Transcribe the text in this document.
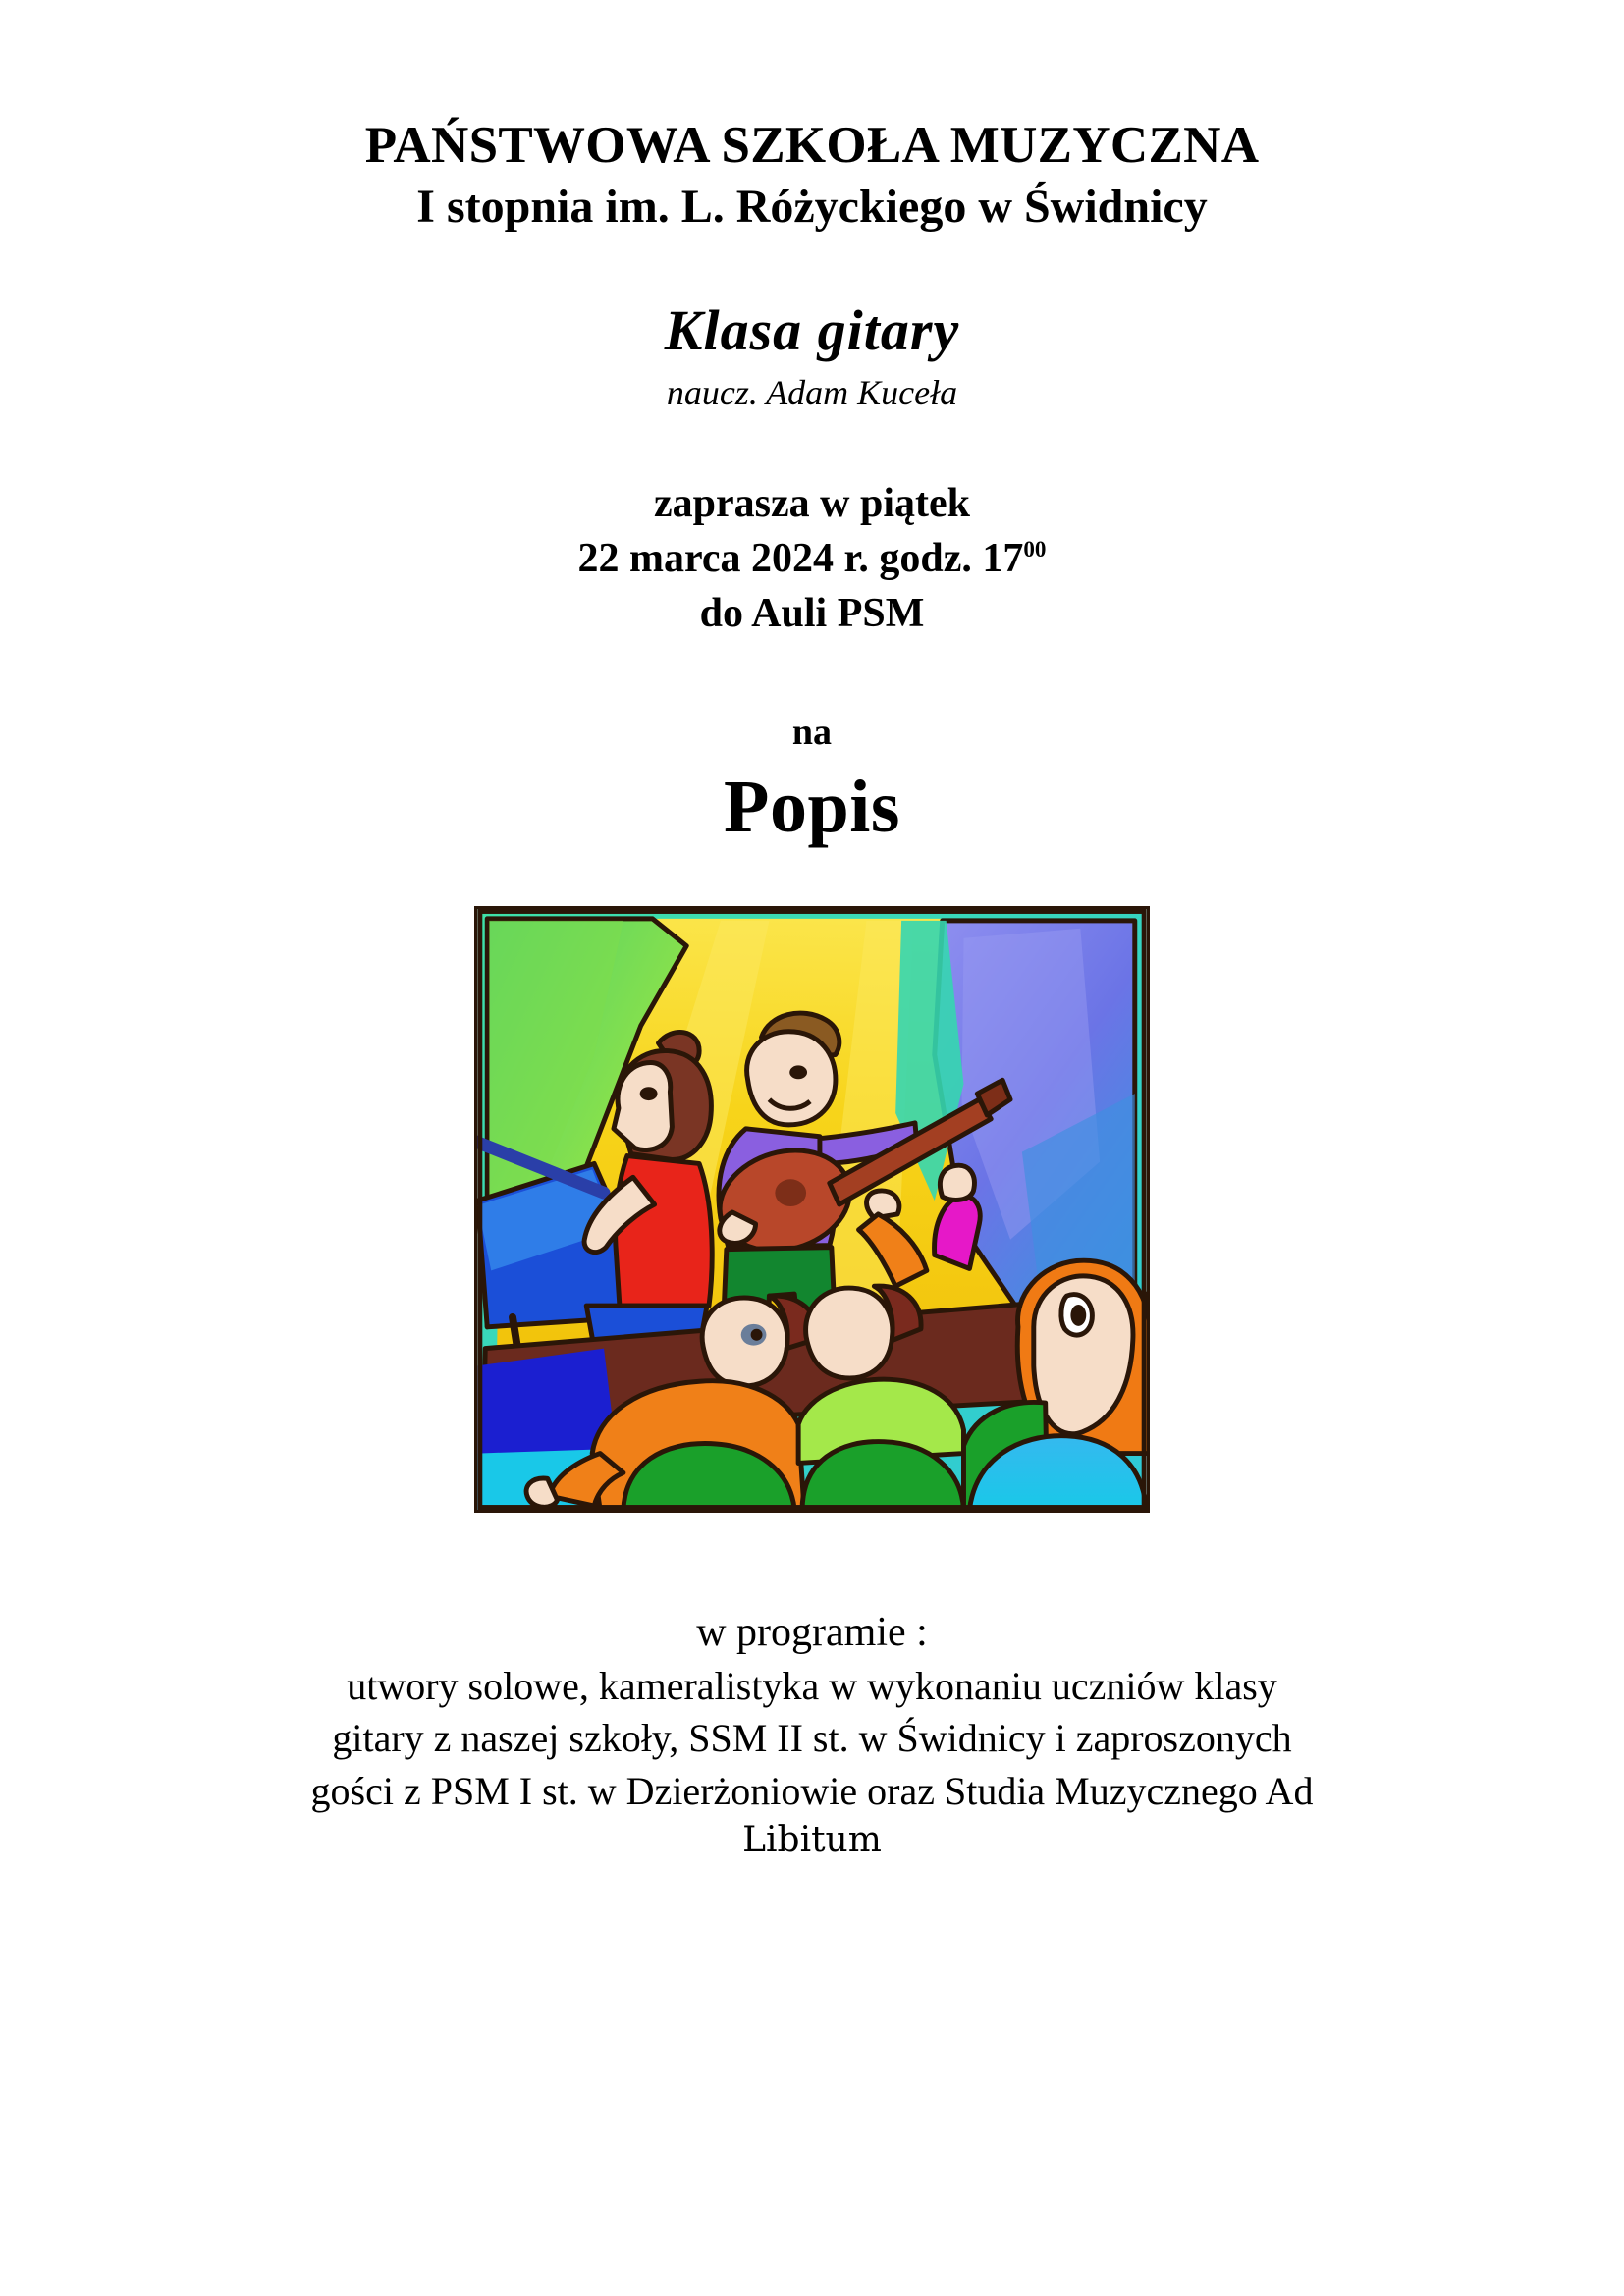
PAŃSTWOWA SZKOŁA MUZYCZNA
I stopnia im. L. Różyckiego w Świdnicy
Klasa gitary
naucz. Adam Kuceła
zaprasza w piątek
22 marca 2024 r. godz. $17^{00}$
do Auli PSM
na
Popis
w programie :
utwory solowe, kameralistyka w wykonaniu uczniów klasy
gitary z naszej szkoły, SSM II st. w Świdnicy i zaproszonych
gości z PSM I st. w Dzierżoniowie oraz Studia Muzycznego Ad
Libitum
